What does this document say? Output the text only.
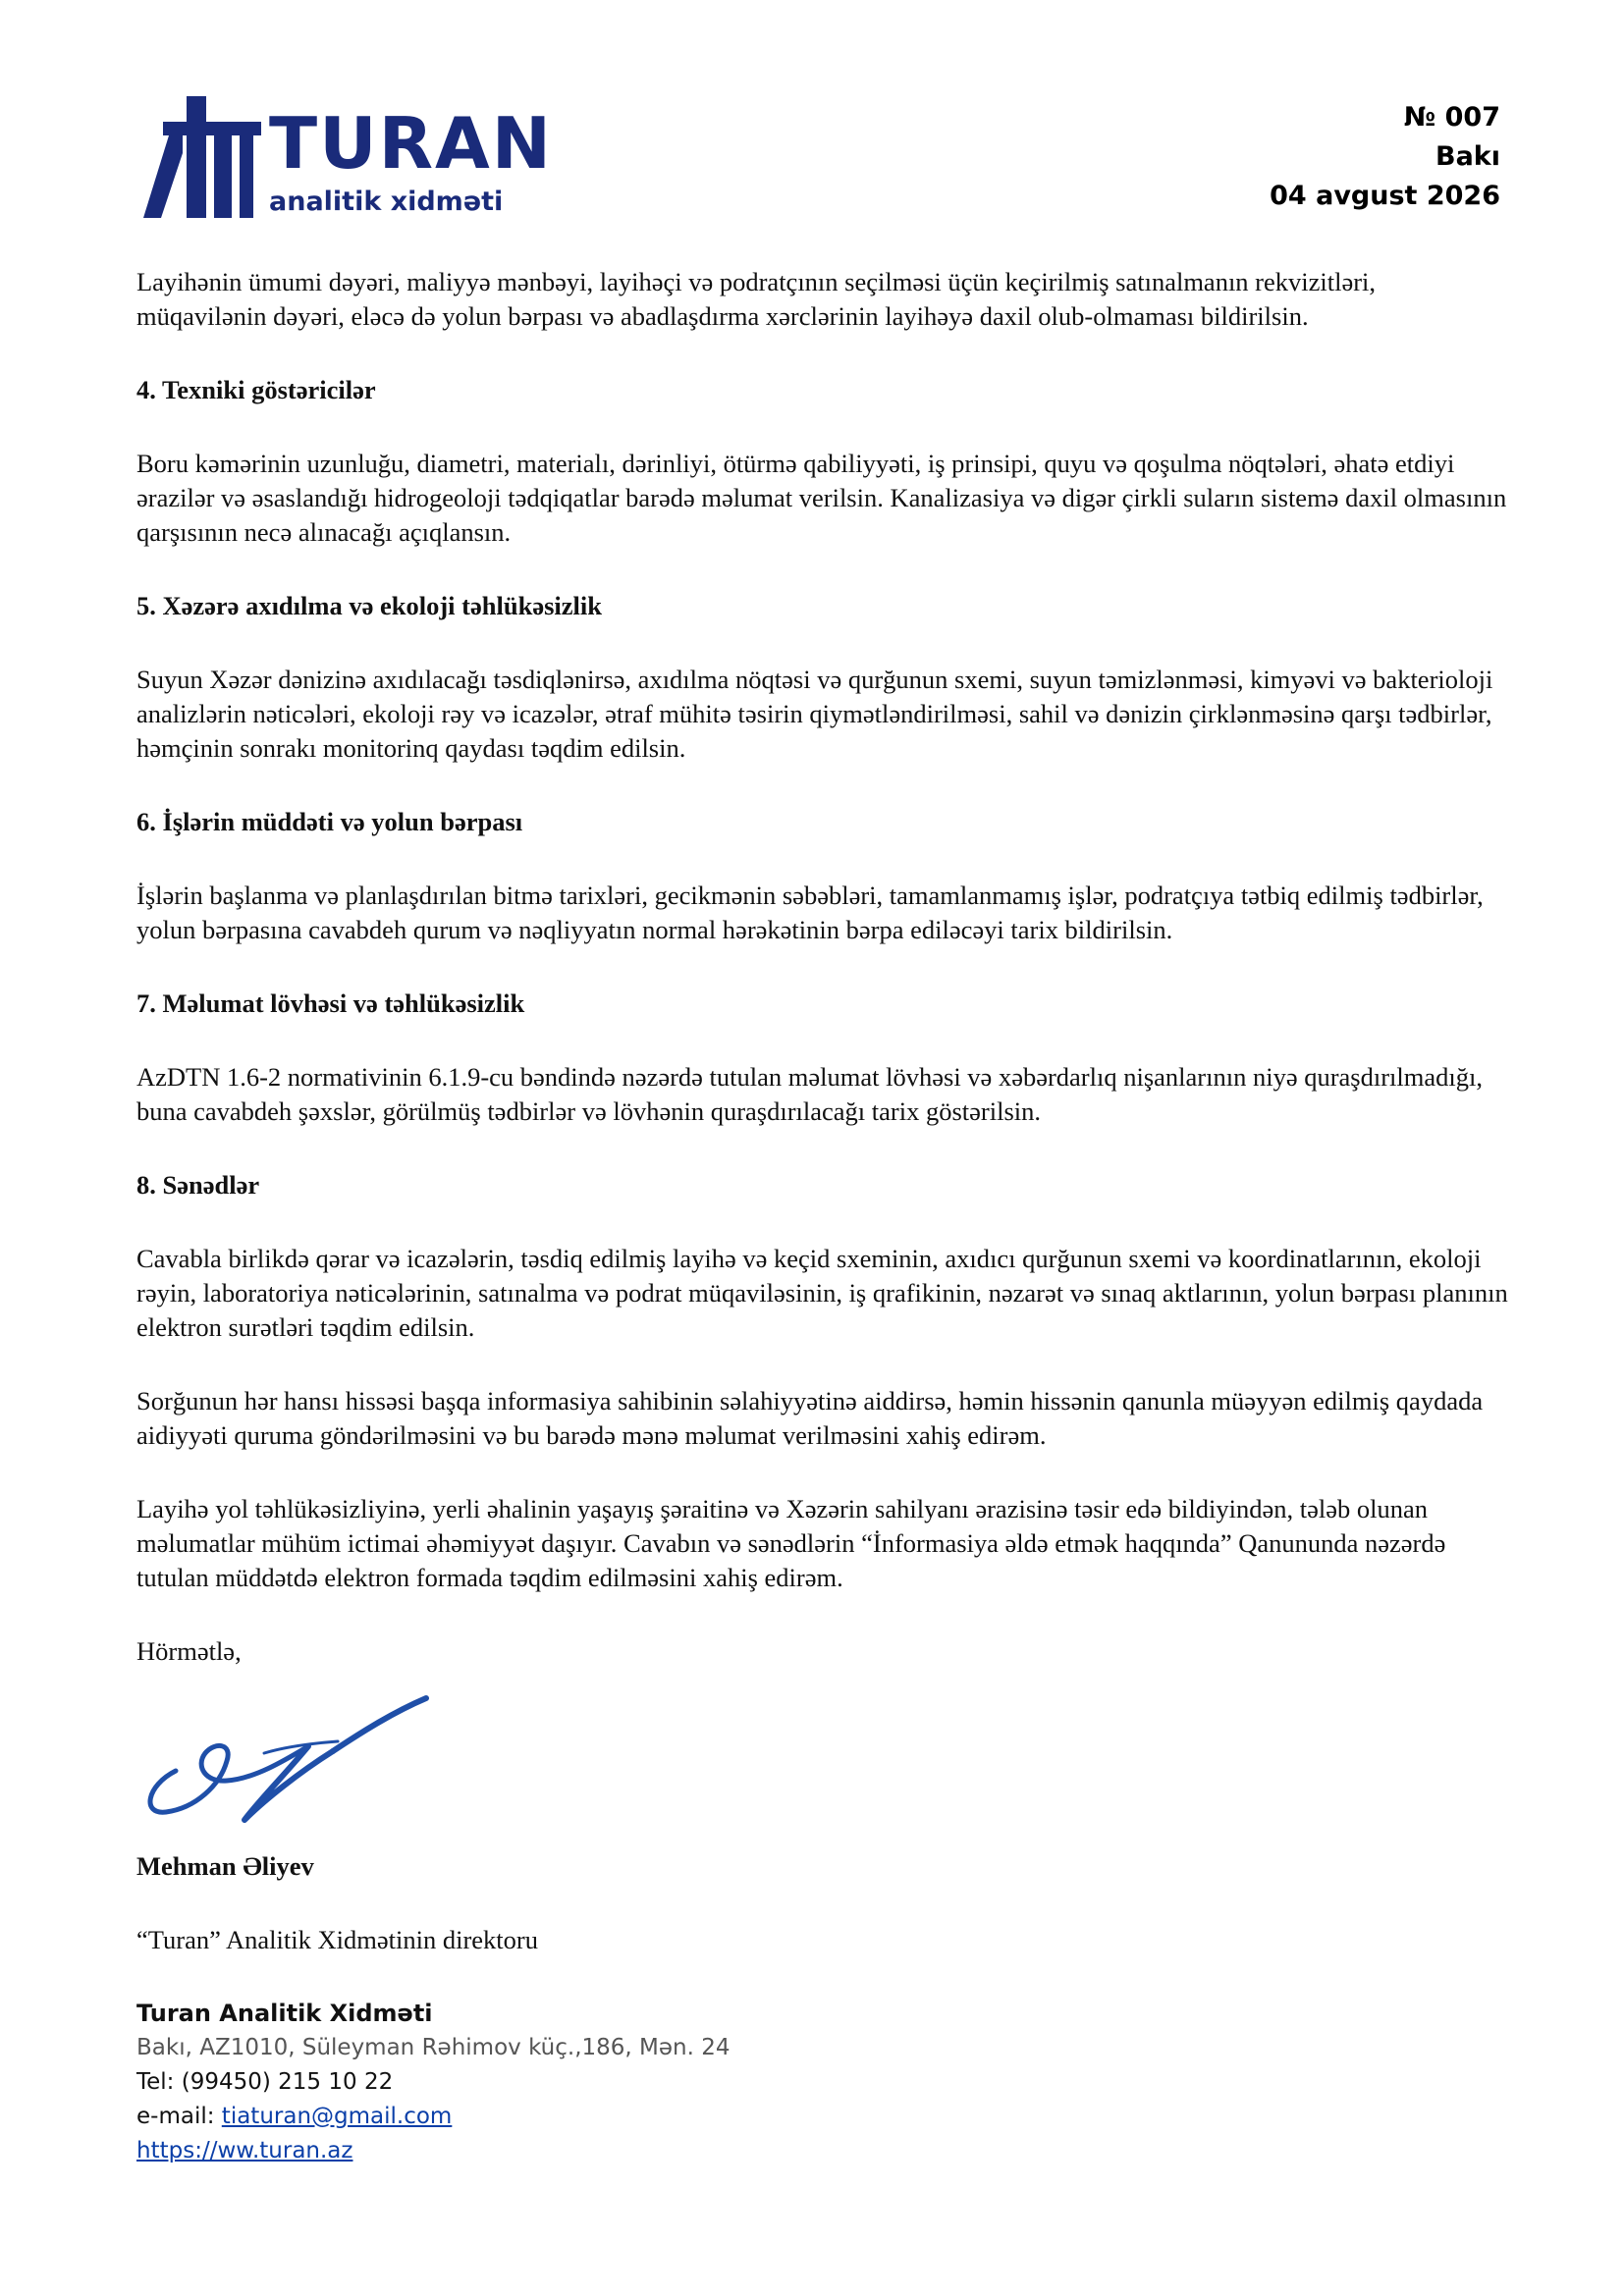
TURAN
analitik xidməti
№ 007
Bakı
04 avgust 2026

Layihənin ümumi dəyəri, maliyyə mənbəyi, layihəçi və podratçının seçilməsi üçün keçirilmiş satınalmanın rekvizitləri, müqavilənin dəyəri, eləcə də yolun bərpası və abadlaşdırma xərclərinin layihəyə daxil olub-olmaması bildirilsin.

4. Texniki göstəricilər

Boru kəmərinin uzunluğu, diametri, materialı, dərinliyi, ötürmə qabiliyyəti, iş prinsipi, quyu və qoşulma nöqtələri, əhatə etdiyi ərazilər və əsaslandığı hidrogeoloji tədqiqatlar barədə məlumat verilsin. Kanalizasiya və digər çirkli suların sistemə daxil olmasının qarşısının necə alınacağı açıqlansın.

5. Xəzərə axıdılma və ekoloji təhlükəsizlik

Suyun Xəzər dənizinə axıdılacağı təsdiqlənirsə, axıdılma nöqtəsi və qurğunun sxemi, suyun təmizlənməsi, kimyəvi və bakterioloji analizlərin nəticələri, ekoloji rəy və icazələr, ətraf mühitə təsirin qiymətləndirilməsi, sahil və dənizin çirklənməsinə qarşı tədbirlər, həmçinin sonrakı monitorinq qaydası təqdim edilsin.

6. İşlərin müddəti və yolun bərpası

İşlərin başlanma və planlaşdırılan bitmə tarixləri, gecikmənin səbəbləri, tamamlanmamış işlər, podratçıya tətbiq edilmiş tədbirlər, yolun bərpasına cavabdeh qurum və nəqliyyatın normal hərəkətinin bərpa ediləcəyi tarix bildirilsin.

7. Məlumat lövhəsi və təhlükəsizlik

AzDTN 1.6-2 normativinin 6.1.9-cu bəndində nəzərdə tutulan məlumat lövhəsi və xəbərdarlıq nişanlarının niyə quraşdırılmadığı, buna cavabdeh şəxslər, görülmüş tədbirlər və lövhənin quraşdırılacağı tarix göstərilsin.

8. Sənədlər

Cavabla birlikdə qərar və icazələrin, təsdiq edilmiş layihə və keçid sxeminin, axıdıcı qurğunun sxemi və koordinatlarının, ekoloji rəyin, laboratoriya nəticələrinin, satınalma və podrat müqaviləsinin, iş qrafikinin, nəzarət və sınaq aktlarının, yolun bərpası planının elektron surətləri təqdim edilsin.

Sorğunun hər hansı hissəsi başqa informasiya sahibinin səlahiyyətinə aiddirsə, həmin hissənin qanunla müəyyən edilmiş qaydada aidiyyəti quruma göndərilməsini və bu barədə mənə məlumat verilməsini xahiş edirəm.

Layihə yol təhlükəsizliyinə, yerli əhalinin yaşayış şəraitinə və Xəzərin sahilyanı ərazisinə təsir edə bildiyindən, tələb olunan məlumatlar mühüm ictimai əhəmiyyət daşıyır. Cavabın və sənədlərin “İnformasiya əldə etmək haqqında” Qanununda nəzərdə tutulan müddətdə elektron formada təqdim edilməsini xahiş edirəm.

Hörmətlə,

Mehman Əliyev

“Turan” Analitik Xidmətinin direktoru

Turan Analitik Xidməti
Bakı, AZ1010, Süleyman Rəhimov küç.,186, Mən. 24
Tel: (99450) 215 10 22
e-mail: tiaturan@gmail.com
https://ww.turan.az
